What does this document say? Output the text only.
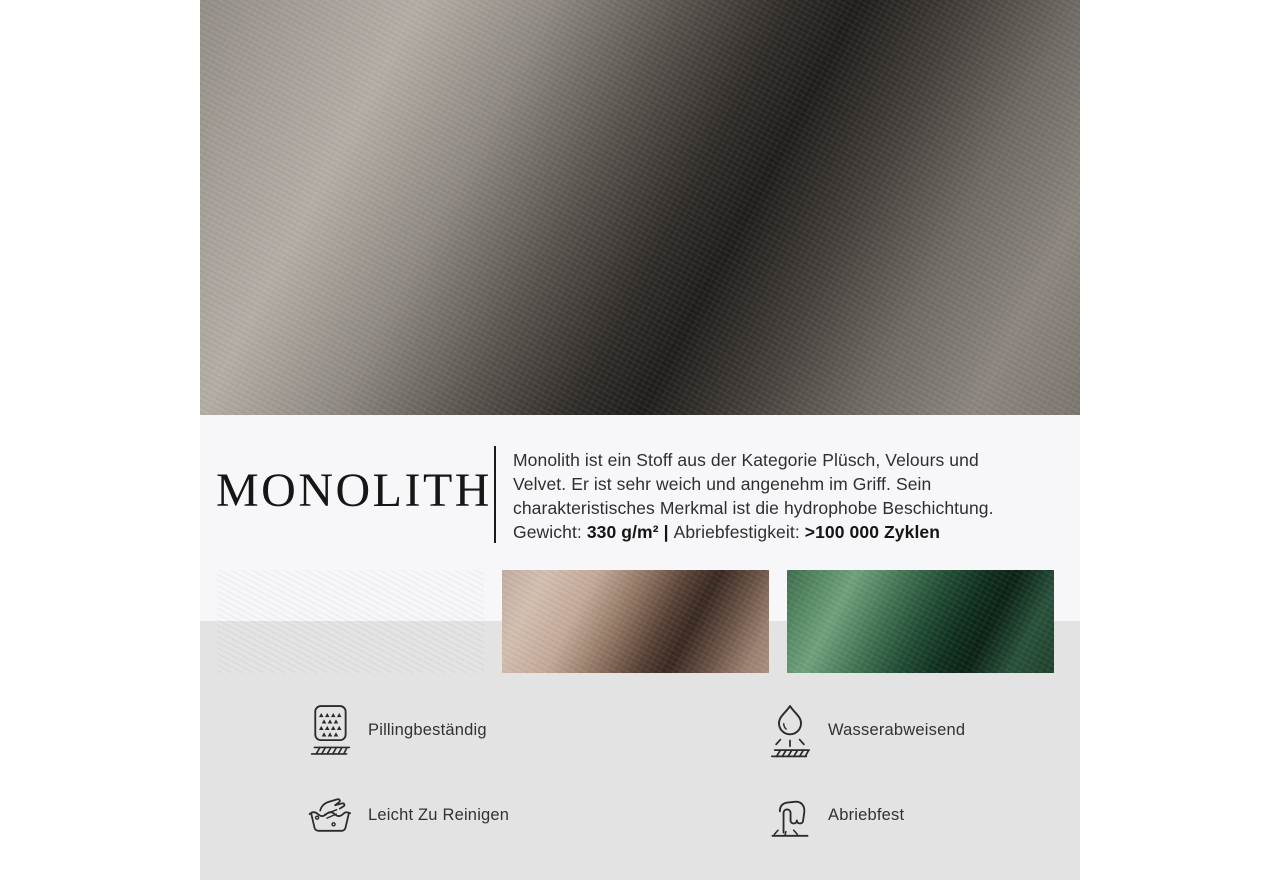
MONOLITH
Monolith ist ein Stoff aus der Kategorie Plüsch, Velours und
Velvet. Er ist sehr weich und angenehm im Griff. Sein
charakteristisches Merkmal ist die hydrophobe Beschichtung.
Gewicht: 330 g/m² | Abriebfestigkeit: >100 000 Zyklen
Pillingbeständig	Wasserabweisend
Leicht Zu Reinigen	Abriebfest
